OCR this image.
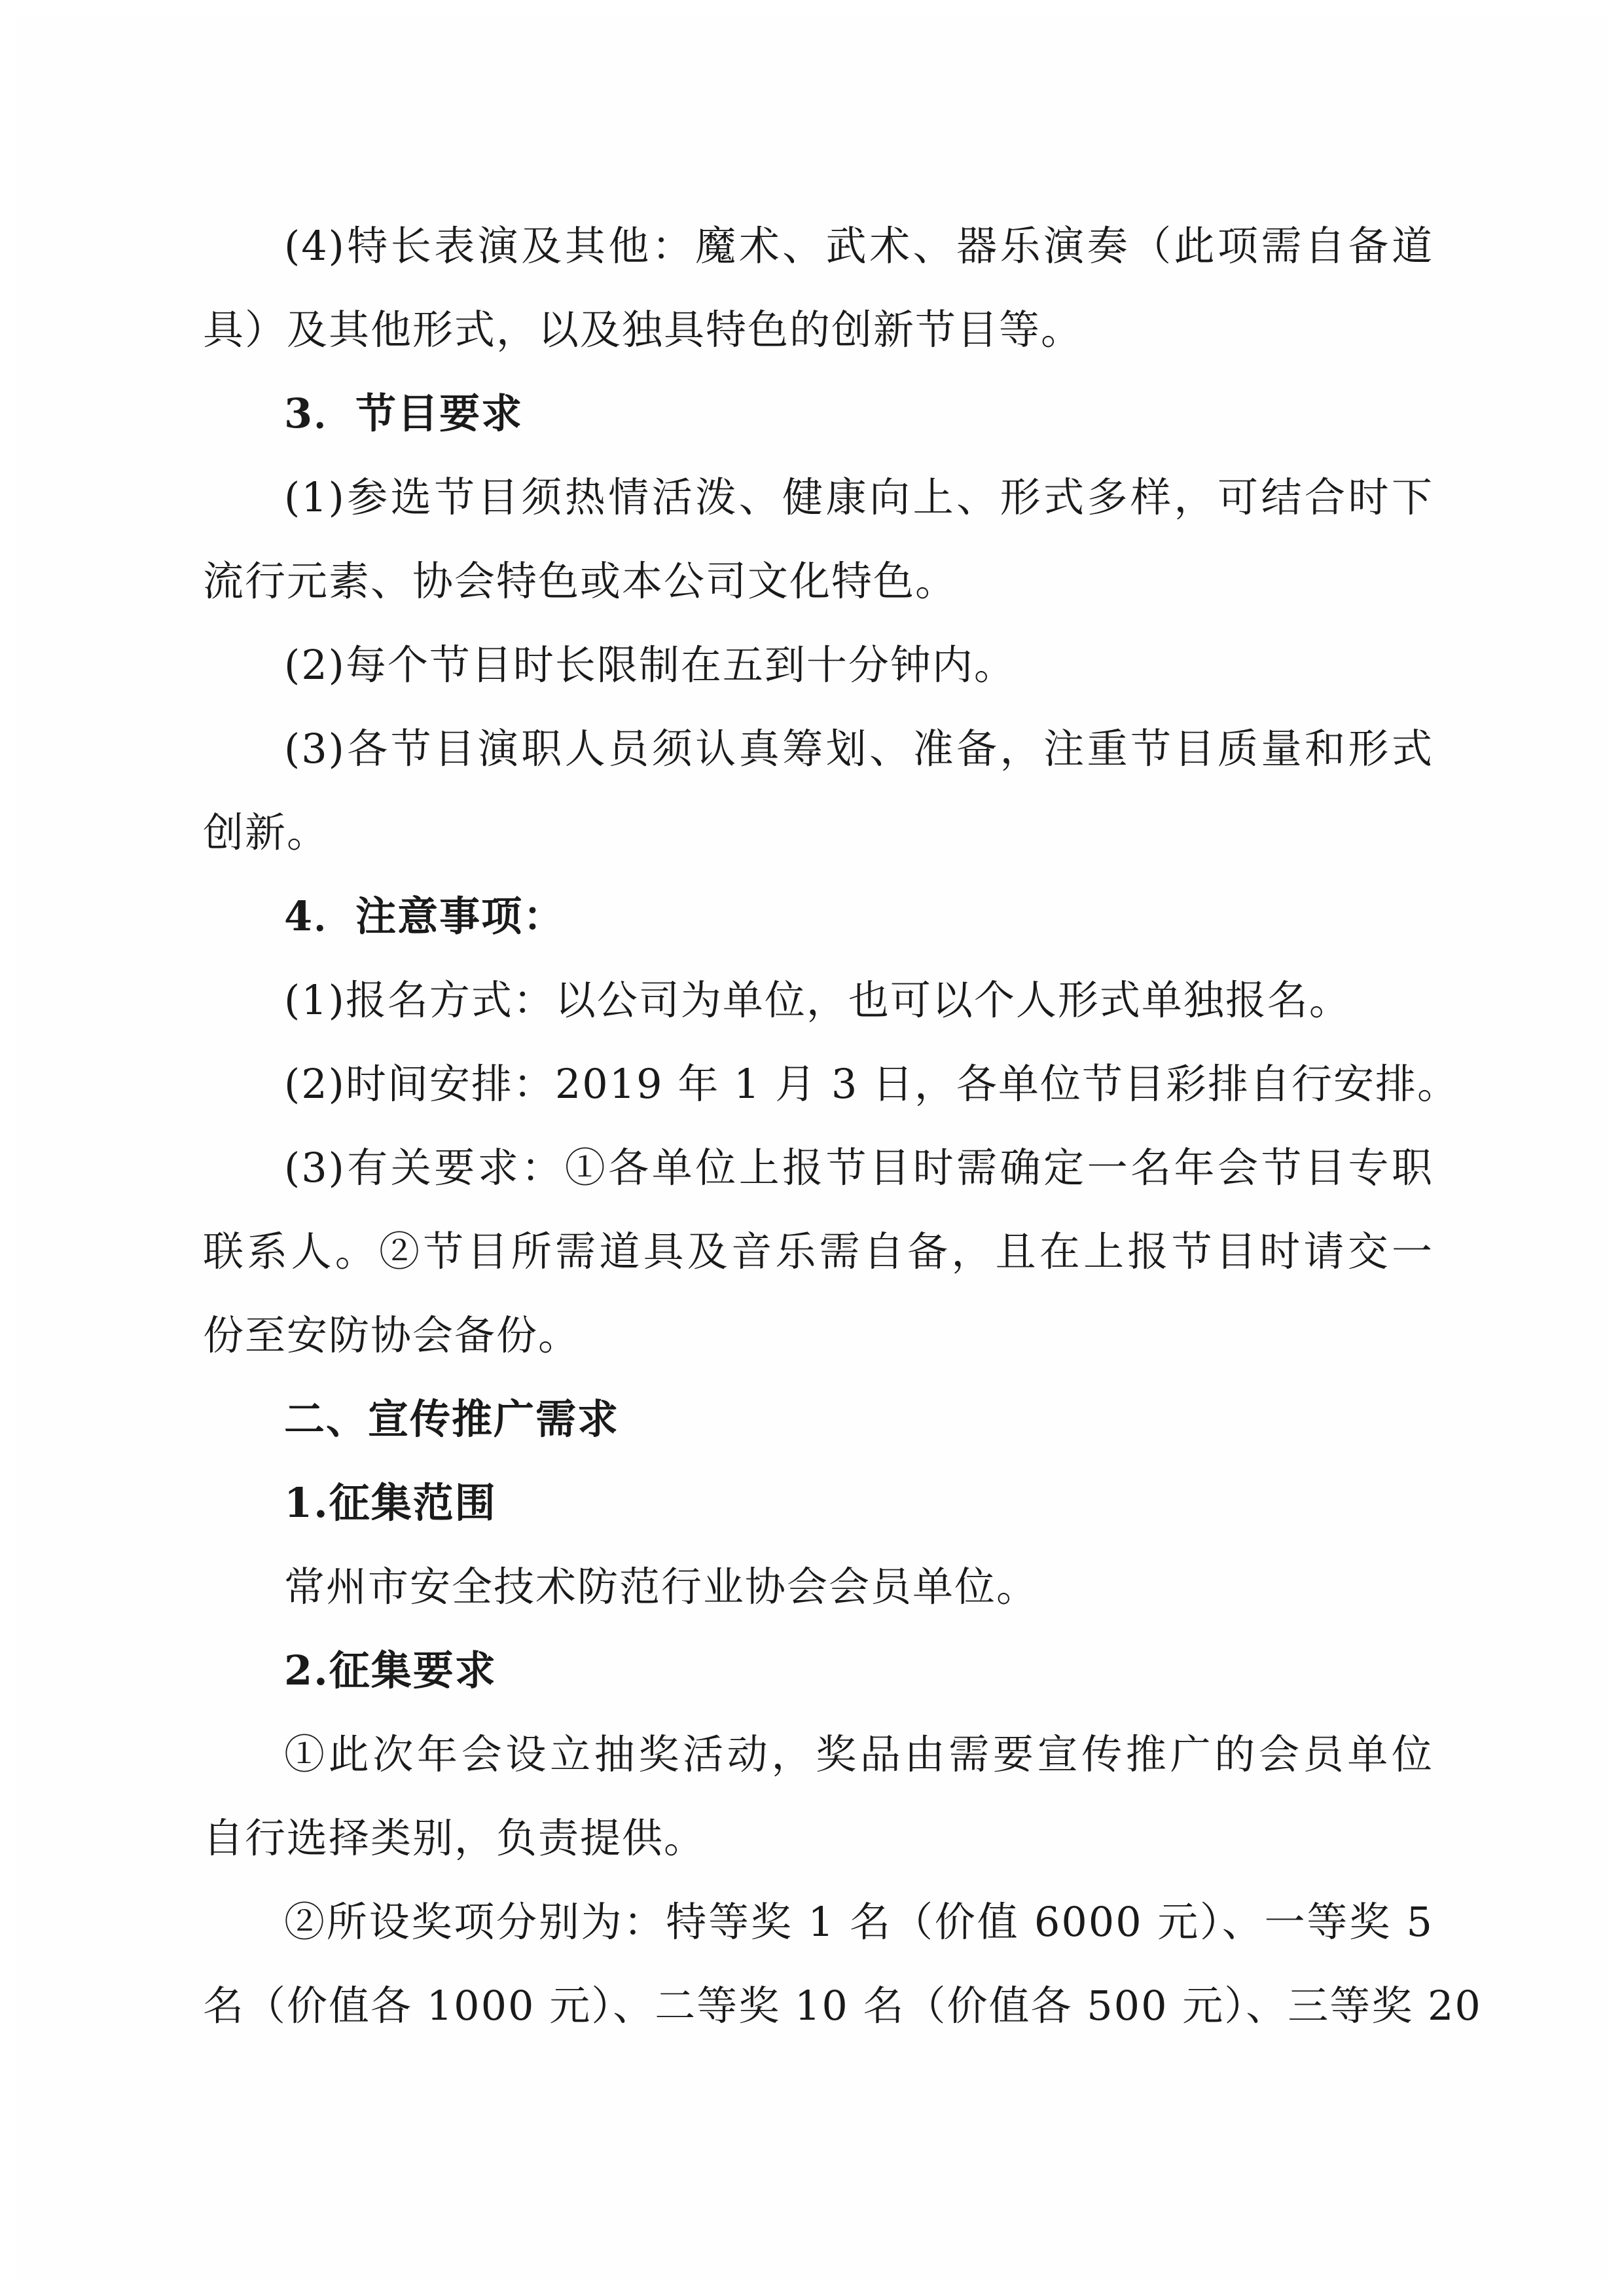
(4)特长表演及其他：魔术、武术、器乐演奏（此项需自备道

具）及其他形式，以及独具特色的创新节目等。

3．节目要求

(1)参选节目须热情活泼、健康向上、形式多样，可结合时下

流行元素、协会特色或本公司文化特色。

(2)每个节目时长限制在五到十分钟内。

(3)各节目演职人员须认真筹划、准备，注重节目质量和形式

创新。

4．注意事项：

(1)报名方式：以公司为单位，也可以个人形式单独报名。

(2)时间安排：2019 年 1 月 3 日，各单位节目彩排自行安排。

(3)有关要求：①各单位上报节目时需确定一名年会节目专职

联系人。②节目所需道具及音乐需自备，且在上报节目时请交一

份至安防协会备份。

二、宣传推广需求

1.征集范围

常州市安全技术防范行业协会会员单位。

2.征集要求

①此次年会设立抽奖活动，奖品由需要宣传推广的会员单位

自行选择类别，负责提供。

②所设奖项分别为：特等奖 1 名（价值 6000 元）、一等奖 5

名（价值各 1000 元）、二等奖 10 名（价值各 500 元）、三等奖 20
